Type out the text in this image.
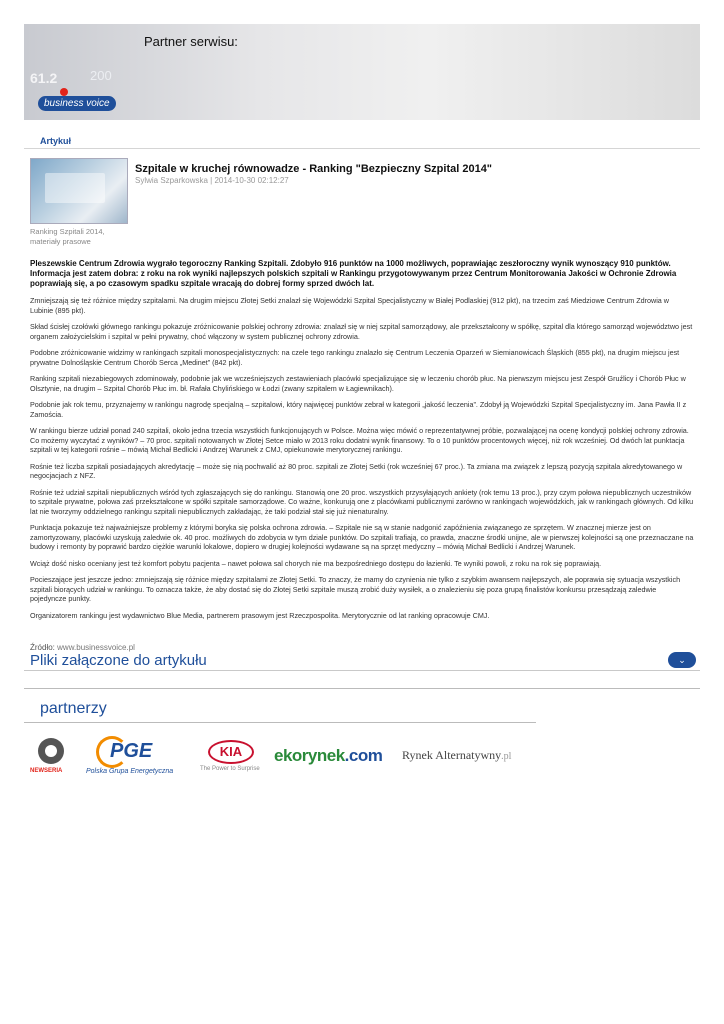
Partner serwisu:
61.2	200
business voice
Artykuł
Ranking Szpitali 2014, materiały prasowe
Szpitale w kruchej równowadze - Ranking "Bezpieczny Szpital 2014"
Sylwia Szparkowska | 2014-10-30 02:12:27
Pleszewskie Centrum Zdrowia wygrało tegoroczny Ranking Szpitali. Zdobyło 916 punktów na 1000 możliwych, poprawiając zeszłoroczny wynik wynoszący 910 punktów. Informacja jest zatem dobra: z roku na rok wyniki najlepszych polskich szpitali w Rankingu przygotowywanym przez Centrum Monitorowania Jakości w Ochronie Zdrowia poprawiają się, a po czasowym spadku szpitale wracają do dobrej formy sprzed dwóch lat.

Zmniejszają się też różnice między szpitalami. Na drugim miejscu Złotej Setki znalazł się Wojewódzki Szpital Specjalistyczny w Białej Podlaskiej (912 pkt), na trzecim zaś Miedziowe Centrum Zdrowia w Lubinie (895 pkt).

Skład ścisłej czołówki głównego rankingu pokazuje zróżnicowanie polskiej ochrony zdrowia: znalazł się w niej szpital samorządowy, ale przekształcony w spółkę, szpital dla którego samorząd województwo jest organem założycielskim i szpital w pełni prywatny, choć włączony w system publicznej ochrony zdrowia.

Podobne zróżnicowanie widzimy w rankingach szpitali monospecjalistycznych: na czele tego rankingu znalazło się Centrum Leczenia Oparzeń w Siemianowicach Śląskich (855 pkt), na drugim miejscu jest prywatne Dolnośląskie Centrum Chorób Serca „Medinet” (842 pkt).

Ranking szpitali niezabiegowych zdominowały, podobnie jak we wcześniejszych zestawieniach placówki specjalizujące się w leczeniu chorób płuc. Na pierwszym miejscu jest Zespół Gruźlicy i Chorób Płuc w Olsztynie, na drugim – Szpital Chorób Płuc im. bł. Rafała Chylińskiego w Łodzi (zwany szpitalem w Łagiewnikach).

Podobnie jak rok temu, przyznajemy w rankingu nagrodę specjalną – szpitalowi, który najwięcej punktów zebrał w kategorii „jakość leczenia”. Zdobył ją Wojewódzki Szpital Specjalistyczny im. Jana Pawła II z Zamościa.

W rankingu bierze udział ponad 240 szpitali, około jedna trzecia wszystkich funkcjonujących w Polsce. Można więc mówić o reprezentatywnej próbie, pozwalającej na ocenę kondycji polskiej ochrony zdrowia. Co możemy wyczytać z wyników? – 70 proc. szpitali notowanych w Złotej Setce miało w 2013 roku dodatni wynik finansowy. To o 10 punktów procentowych więcej, niż rok wcześniej. Od dwóch lat punktacja szpitali w tej kategorii rośnie – mówią Michał Bedlicki i Andrzej Warunek z CMJ, opiekunowie merytorycznej rankingu.

Rośnie też liczba szpitali posiadających akredytację – może się nią pochwalić aż 80 proc. szpitali ze Złotej Setki (rok wcześniej 67 proc.). Ta zmiana ma związek z lepszą pozycją szpitala akredytowanego w negocjacjach z NFZ.

Rośnie też udział szpitali niepublicznych wśród tych zgłaszających się do rankingu. Stanowią one 20 proc. wszystkich przysyłających ankiety (rok temu 13 proc.), przy czym połowa niepublicznych uczestników to szpitale prywatne, połowa zaś przekształcone w spółki szpitale samorządowe. Co ważne, konkurują one z placówkami publicznymi zarówno w rankingach wojewódzkich, jak w rankingach głównych. Od kilku lat nie tworzymy oddzielnego rankingu szpitali niepublicznych zakładając, że taki podział stał się już nienaturalny.

Punktacja pokazuje też najważniejsze problemy z którymi boryka się polska ochrona zdrowia. – Szpitale nie są w stanie nadgonić zapóźnienia związanego ze sprzętem. W znacznej mierze jest on zamortyzowany, placówki uzyskują zaledwie ok. 40 proc. możliwych do zdobycia w tym dziale punktów. Do szpitali trafiają, co prawda, znaczne środki unijne, ale w pierwszej kolejności są one przeznaczane na budowy i remonty by poprawić bardzo ciężkie warunki lokalowe, dopiero w drugiej kolejności wydawane są na sprzęt medyczny – mówią Michał Bedlicki i Andrzej Warunek.

Wciąż dość nisko oceniany jest też komfort pobytu pacjenta – nawet połowa sal chorych nie ma bezpośredniego dostępu do łazienki. Te wyniki powoli, z roku na rok się poprawiają.

Pocieszające jest jeszcze jedno: zmniejszają się różnice między szpitalami ze Złotej Setki. To znaczy, że mamy do czynienia nie tylko z szybkim awansem najlepszych, ale poprawia się sytuacja wszystkich szpitali biorących udział w rankingu. To oznacza także, że aby dostać się do Złotej Setki szpitale muszą zrobić duży wysiłek, a o znalezieniu się poza grupą finalistów konkursu przesądzają zaledwie pojedyncze punkty.

Organizatorem rankingu jest wydawnictwo Blue Media, partnerem prasowym jest Rzeczpospolita. Merytorycznie od lat ranking opracowuje CMJ.

Źródło: www.businessvoice.pl
Pliki załączone do artykułu	⌄
partnerzy
NEWSERIA
PGE
Polska Grupa Energetyczna
KIA
The Power to Surprise
ekorynek.com Rynek Alternatywny.pl
